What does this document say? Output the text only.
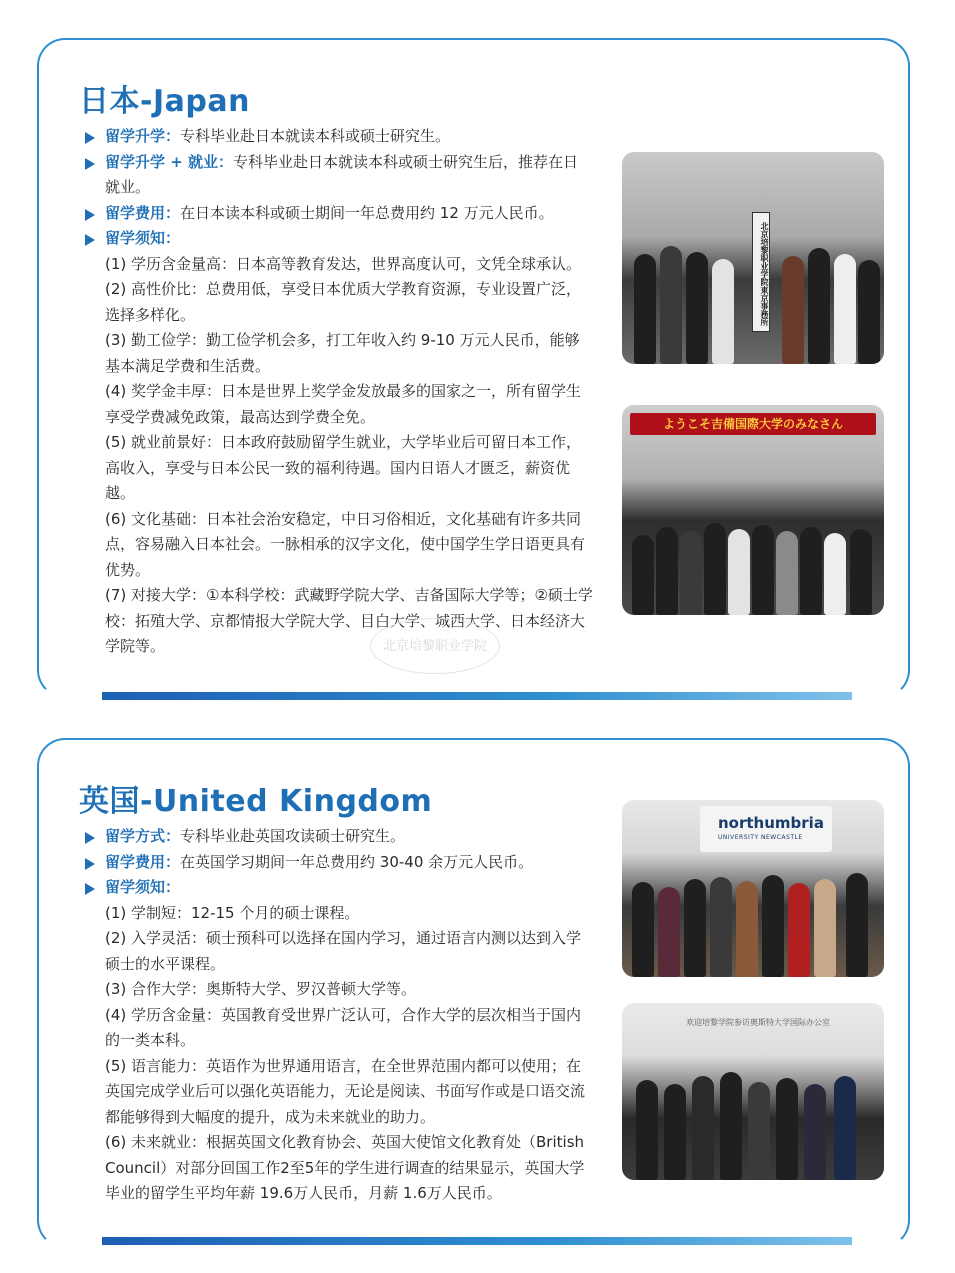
日本-Japan
留学升学：专科毕业赴日本就读本科或硕士研究生。
留学升学 + 就业：专科毕业赴日本就读本科或硕士研究生后，推荐在日就业。
留学费用：在日本读本科或硕士期间一年总费用约 12 万元人民币。
留学须知：
(1) 学历含金量高：日本高等教育发达，世界高度认可，文凭全球承认。
(2) 高性价比：总费用低，享受日本优质大学教育资源，专业设置广泛，选择多样化。
(3) 勤工俭学：勤工俭学机会多，打工年收入约 9-10 万元人民币，能够基本满足学费和生活费。
(4) 奖学金丰厚：日本是世界上奖学金发放最多的国家之一，所有留学生享受学费减免政策，最高达到学费全免。
(5) 就业前景好：日本政府鼓励留学生就业，大学毕业后可留日本工作，高收入，享受与日本公民一致的福利待遇。国内日语人才匮乏，薪资优越。
(6) 文化基础：日本社会治安稳定，中日习俗相近，文化基础有许多共同点，容易融入日本社会。一脉相承的汉字文化，使中国学生学日语更具有优势。
(7) 对接大学：①本科学校：武藏野学院大学、吉备国际大学等；②硕士学校：拓殖大学、京都情报大学院大学、目白大学、城西大学、日本经济大学院等。
北京培黎职业学院東京事務所
ようこそ吉備国際大学のみなさん
北京培黎职业学院
英国-United Kingdom
留学方式：专科毕业赴英国攻读硕士研究生。
留学费用：在英国学习期间一年总费用约 30-40 余万元人民币。
留学须知：
(1) 学制短：12-15 个月的硕士课程。
(2) 入学灵活：硕士预科可以选择在国内学习，通过语言内测以达到入学硕士的水平课程。
(3) 合作大学：奥斯特大学、罗汉普顿大学等。
(4) 学历含金量：英国教育受世界广泛认可，合作大学的层次相当于国内的一类本科。
(5) 语言能力：英语作为世界通用语言，在全世界范围内都可以使用；在英国完成学业后可以强化英语能力，无论是阅读、书面写作或是口语交流都能够得到大幅度的提升，成为未来就业的助力。
(6) 未来就业：根据英国文化教育协会、英国大使馆文化教育处（British Council）对部分回国工作2至5年的学生进行调查的结果显示，英国大学毕业的留学生平均年薪 19.6万人民币，月薪 1.6万人民币。
northumbria
UNIVERSITY NEWCASTLE
欢迎培黎学院参访奥斯特大学国际办公室
